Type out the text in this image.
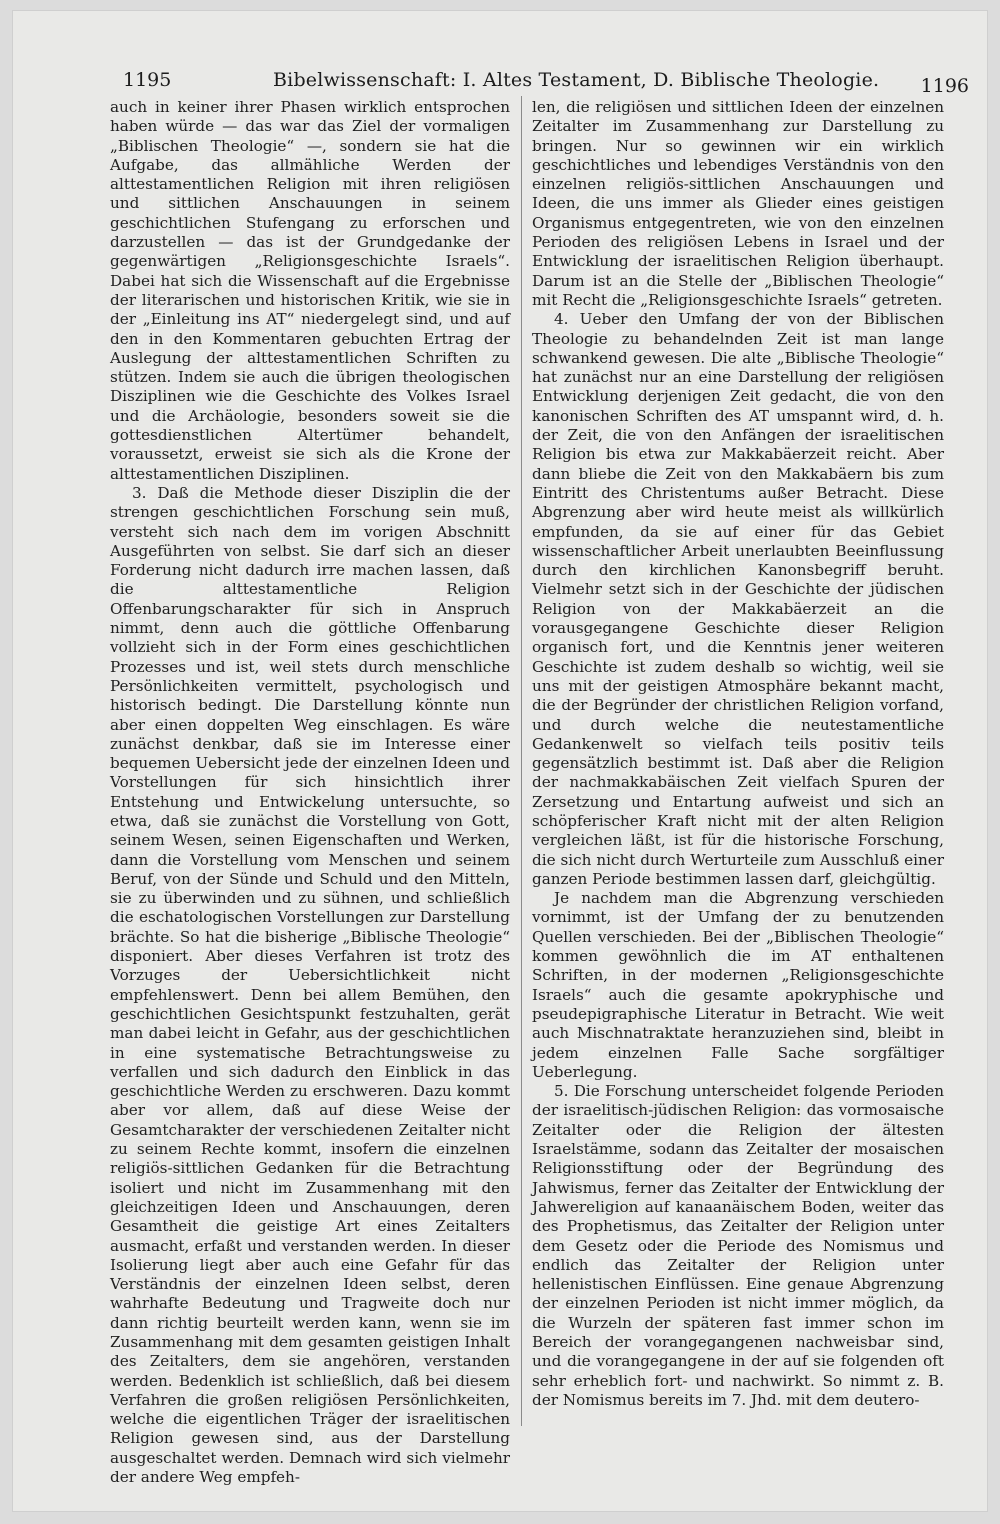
1195	Bibelwissenschaft: I. Altes Testament, D. Biblische Theologie. 1196

auch in keiner ihrer Phasen wirklich entsprochen haben würde — das war das Ziel der vormaligen „Biblischen Theologie“ —, sondern sie hat die Aufgabe, das allmähliche Werden der alttestamentlichen Religion mit ihren religiösen und sittlichen Anschauungen in seinem geschichtlichen Stufengang zu erforschen und darzustellen — das ist der Grundgedanke der gegenwärtigen „Religionsgeschichte Israels“. Dabei hat sich die Wissenschaft auf die Ergebnisse der literarischen und historischen Kritik, wie sie in der „Einleitung ins AT“ niedergelegt sind, und auf den in den Kommentaren gebuchten Ertrag der Auslegung der alttestamentlichen Schriften zu stützen. Indem sie auch die übrigen theologischen Disziplinen wie die Geschichte des Volkes Israel und die Archäologie, besonders soweit sie die gottesdienstlichen Altertümer behandelt, voraussetzt, erweist sie sich als die Krone der alttestamentlichen Disziplinen.

3. Daß die Methode dieser Disziplin die der strengen geschichtlichen Forschung sein muß, versteht sich nach dem im vorigen Abschnitt Ausgeführten von selbst. Sie darf sich an dieser Forderung nicht dadurch irre machen lassen, daß die alttestamentliche Religion Offenbarungscharakter für sich in Anspruch nimmt, denn auch die göttliche Offenbarung vollzieht sich in der Form eines geschichtlichen Prozesses und ist, weil stets durch menschliche Persönlichkeiten vermittelt, psychologisch und historisch bedingt. Die Darstellung könnte nun aber einen doppelten Weg einschlagen. Es wäre zunächst denkbar, daß sie im Interesse einer bequemen Uebersicht jede der einzelnen Ideen und Vorstellungen für sich hinsichtlich ihrer Entstehung und Entwickelung untersuchte, so etwa, daß sie zunächst die Vorstellung von Gott, seinem Wesen, seinen Eigenschaften und Werken, dann die Vorstellung vom Menschen und seinem Beruf, von der Sünde und Schuld und den Mitteln, sie zu überwinden und zu sühnen, und schließlich die eschatologischen Vorstellungen zur Darstellung brächte. So hat die bisherige „Biblische Theologie“ disponiert. Aber dieses Verfahren ist trotz des Vorzuges der Uebersichtlichkeit nicht empfehlenswert. Denn bei allem Bemühen, den geschichtlichen Gesichtspunkt festzuhalten, gerät man dabei leicht in Gefahr, aus der geschichtlichen in eine systematische Betrachtungsweise zu verfallen und sich dadurch den Einblick in das geschichtliche Werden zu erschweren. Dazu kommt aber vor allem, daß auf diese Weise der Gesamtcharakter der verschiedenen Zeitalter nicht zu seinem Rechte kommt, insofern die einzelnen religiös-sittlichen Gedanken für die Betrachtung isoliert und nicht im Zusammenhang mit den gleichzeitigen Ideen und Anschauungen, deren Gesamtheit die geistige Art eines Zeitalters ausmacht, erfaßt und verstanden werden. In dieser Isolierung liegt aber auch eine Gefahr für das Verständnis der einzelnen Ideen selbst, deren wahrhafte Bedeutung und Tragweite doch nur dann richtig beurteilt werden kann, wenn sie im Zusammenhang mit dem gesamten geistigen Inhalt des Zeitalters, dem sie angehören, verstanden werden. Bedenklich ist schließlich, daß bei diesem Verfahren die großen religiösen Persönlichkeiten, welche die eigentlichen Träger der israelitischen Religion gewesen sind, aus der Darstellung ausgeschaltet werden. Demnach wird sich vielmehr der andere Weg empfeh-

len, die religiösen und sittlichen Ideen der einzelnen Zeitalter im Zusammenhang zur Darstellung zu bringen. Nur so gewinnen wir ein wirklich geschichtliches und lebendiges Verständnis von den einzelnen religiös-sittlichen Anschauungen und Ideen, die uns immer als Glieder eines geistigen Organismus entgegentreten, wie von den einzelnen Perioden des religiösen Lebens in Israel und der Entwicklung der israelitischen Religion überhaupt. Darum ist an die Stelle der „Biblischen Theologie“ mit Recht die „Religionsgeschichte Israels“ getreten.

4. Ueber den Umfang der von der Biblischen Theologie zu behandelnden Zeit ist man lange schwankend gewesen. Die alte „Biblische Theologie“ hat zunächst nur an eine Darstellung der religiösen Entwicklung derjenigen Zeit gedacht, die von den kanonischen Schriften des AT umspannt wird, d. h. der Zeit, die von den Anfängen der israelitischen Religion bis etwa zur Makkabäerzeit reicht. Aber dann bliebe die Zeit von den Makkabäern bis zum Eintritt des Christentums außer Betracht. Diese Abgrenzung aber wird heute meist als willkürlich empfunden, da sie auf einer für das Gebiet wissenschaftlicher Arbeit unerlaubten Beeinflussung durch den kirchlichen Kanonsbegriff beruht. Vielmehr setzt sich in der Geschichte der jüdischen Religion von der Makkabäerzeit an die vorausgegangene Geschichte dieser Religion organisch fort, und die Kenntnis jener weiteren Geschichte ist zudem deshalb so wichtig, weil sie uns mit der geistigen Atmosphäre bekannt macht, die der Begründer der christlichen Religion vorfand, und durch welche die neutestamentliche Gedankenwelt so vielfach teils positiv teils gegensätzlich bestimmt ist. Daß aber die Religion der nachmakkabäischen Zeit vielfach Spuren der Zersetzung und Entartung aufweist und sich an schöpferischer Kraft nicht mit der alten Religion vergleichen läßt, ist für die historische Forschung, die sich nicht durch Werturteile zum Ausschluß einer ganzen Periode bestimmen lassen darf, gleichgültig.

Je nachdem man die Abgrenzung verschieden vornimmt, ist der Umfang der zu benutzenden Quellen verschieden. Bei der „Biblischen Theologie“ kommen gewöhnlich die im AT enthaltenen Schriften, in der modernen „Religionsgeschichte Israels“ auch die gesamte apokryphische und pseudepigraphische Literatur in Betracht. Wie weit auch Mischnatraktate heranzuziehen sind, bleibt in jedem einzelnen Falle Sache sorgfältiger Ueberlegung.

5. Die Forschung unterscheidet folgende Perioden der israelitisch-jüdischen Religion: das vormosaische Zeitalter oder die Religion der ältesten Israelstämme, sodann das Zeitalter der mosaischen Religionsstiftung oder der Begründung des Jahwismus, ferner das Zeitalter der Entwicklung der Jahwereligion auf kanaanäischem Boden, weiter das des Prophetismus, das Zeitalter der Religion unter dem Gesetz oder die Periode des Nomismus und endlich das Zeitalter der Religion unter hellenistischen Einflüssen. Eine genaue Abgrenzung der einzelnen Perioden ist nicht immer möglich, da die Wurzeln der späteren fast immer schon im Bereich der vorangegangenen nachweisbar sind, und die vorangegangene in der auf sie folgenden oft sehr erheblich fort- und nachwirkt. So nimmt z. B. der Nomismus bereits im 7. Jhd. mit dem deutero-
